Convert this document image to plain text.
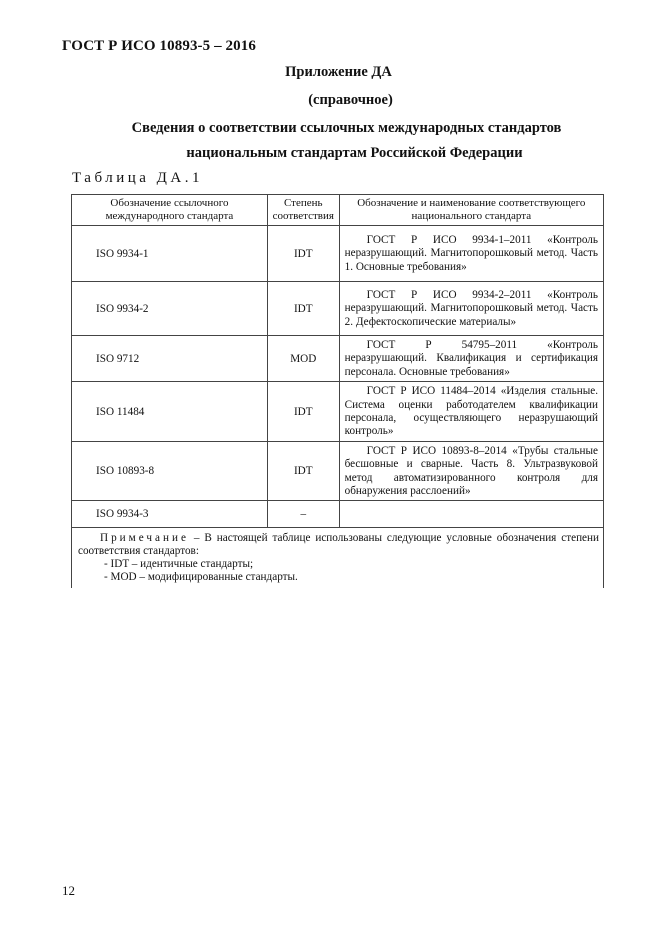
ГОСТ Р ИСО 10893-5 – 2016
Приложение ДА
(справочное)
Сведения о соответствии ссылочных международных стандартов
национальным стандартам Российской Федерации
Таблица ДА.1
Обозначение ссылочного международного стандарта	Степень соответствия	Обозначение и наименование соответствующего национального стандарта
ISO 9934-1	IDT	ГОСТ Р ИСО 9934-1–2011 «Контроль неразрушающий. Магнитопорошковый метод. Часть 1. Основные требования»
ISO 9934-2	IDT	ГОСТ Р ИСО 9934-2–2011 «Контроль неразрушающий. Магнитопорошковый метод. Часть 2. Дефектоскопические материалы»
ISO 9712	MOD	ГОСТ Р 54795–2011 «Контроль неразрушающий. Квалификация и сертификация персонала. Основные требования»
ISO 11484	IDT	ГОСТ Р ИСО 11484–2014 «Изделия стальные. Система оценки работодателем квалификации персонала, осуществляющего неразрушающий контроль»
ISO 10893-8	IDT	ГОСТ Р ИСО 10893-8–2014 «Трубы стальные бесшовные и сварные. Часть 8. Ультразвуковой метод автоматизированного контроля для обнаружения расслоений»
ISO 9934-3	–	

Примечание – В настоящей таблице использованы следующие условные обозначения степени соответствия стандартов:
- IDT – идентичные стандарты;
- MOD – модифицированные стандарты.		
12
